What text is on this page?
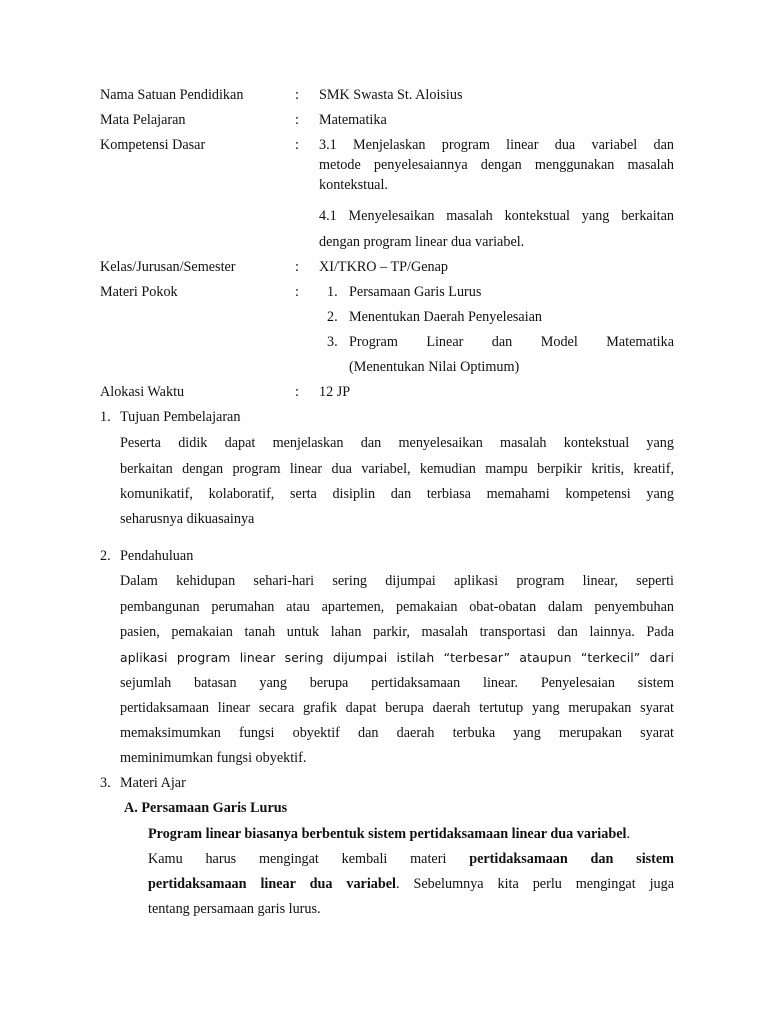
Nama Satuan Pendidikan	: SMK Swasta St. Aloisius
Mata Pelajaran	: Matematika
Kompetensi Dasar	: 3.1 Menjelaskan program linear dua variabel dan
metode penyelesaiannya dengan menggunakan masalah
kontekstual.
4.1 Menyelesaikan masalah kontekstual yang berkaitan
dengan program linear dua variabel.
Kelas/Jurusan/Semester	: XI/TKRO – TP/Genap
Materi Pokok	: 1. Persamaan Garis Lurus
2. Menentukan Daerah Penyelesaian
3. Program Linear dan Model Matematika
(Menentukan Nilai Optimum)
Alokasi Waktu	: 12 JP
1. Tujuan Pembelajaran
Peserta didik dapat menjelaskan dan menyelesaikan masalah kontekstual yang
berkaitan dengan program linear dua variabel, kemudian mampu berpikir kritis, kreatif,
komunikatif, kolaboratif, serta disiplin dan terbiasa memahami kompetensi yang
seharusnya dikuasainya
2. Pendahuluan
Dalam kehidupan sehari-hari sering dijumpai aplikasi program linear, seperti
pembangunan perumahan atau apartemen, pemakaian obat-obatan dalam penyembuhan
pasien, pemakaian tanah untuk lahan parkir, masalah transportasi dan lainnya. Pada
aplikasi program linear sering dijumpai istilah “terbesar” ataupun “terkecil” dari
sejumlah batasan yang berupa pertidaksamaan linear. Penyelesaian sistem
pertidaksamaan linear secara grafik dapat berupa daerah tertutup yang merupakan syarat
memaksimumkan fungsi obyektif dan daerah terbuka yang merupakan syarat
meminimumkan fungsi obyektif.
3. Materi Ajar
A. Persamaan Garis Lurus
Program linear biasanya berbentuk sistem pertidaksamaan linear dua variabel.
Kamu harus mengingat kembali materi pertidaksamaan dan sistem
pertidaksamaan linear dua variabel. Sebelumnya kita perlu mengingat juga
tentang persamaan garis lurus.
